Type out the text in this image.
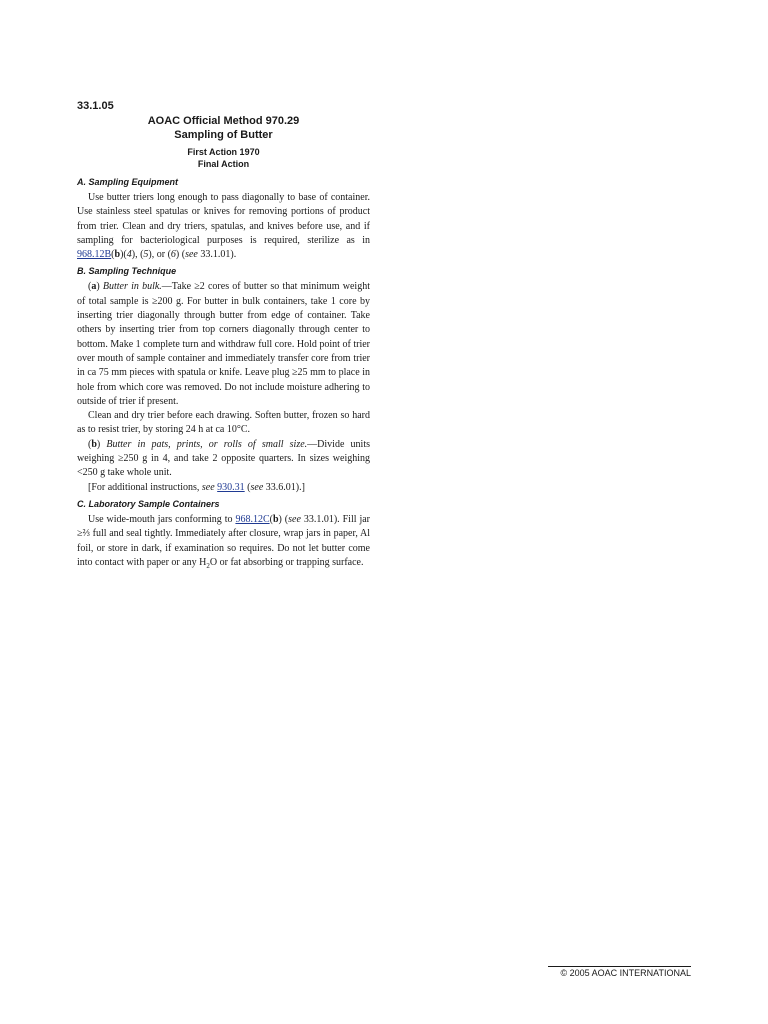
33.1.05
AOAC Official Method 970.29
Sampling of Butter
First Action 1970
Final Action
A. Sampling Equipment

Use butter triers long enough to pass diagonally to base of container. Use stainless steel spatulas or knives for removing portions of product from trier. Clean and dry triers, spatulas, and knives before use, and if sampling for bacteriological purposes is required, sterilize as in 968.12B(b)(4), (5), or (6) (see 33.1.01).

B. Sampling Technique

(a) Butter in bulk.—Take ≥2 cores of butter so that minimum weight of total sample is ≥200 g. For butter in bulk containers, take 1 core by inserting trier diagonally through butter from edge of container. Take others by inserting trier from top corners diagonally through center to bottom. Make 1 complete turn and withdraw full core. Hold point of trier over mouth of sample container and immediately transfer core from trier in ca 75 mm pieces with spatula or knife. Leave plug ≥25 mm to place in hole from which core was removed. Do not include moisture adhering to outside of trier if present.

Clean and dry trier before each drawing. Soften butter, frozen so hard as to resist trier, by storing 24 h at ca 10°C.

(b) Butter in pats, prints, or rolls of small size.—Divide units weighing ≥250 g in 4, and take 2 opposite quarters. In sizes weighing <250 g take whole unit.

[For additional instructions, see 930.31 (see 33.6.01).]

C. Laboratory Sample Containers

Use wide-mouth jars conforming to 968.12C(b) (see 33.1.01). Fill jar ≥⅔ full and seal tightly. Immediately after closure, wrap jars in paper, Al foil, or store in dark, if examination so requires. Do not let butter come into contact with paper or any $H_2O$ or fat absorbing or trapping surface.

© 2005 AOAC INTERNATIONAL
